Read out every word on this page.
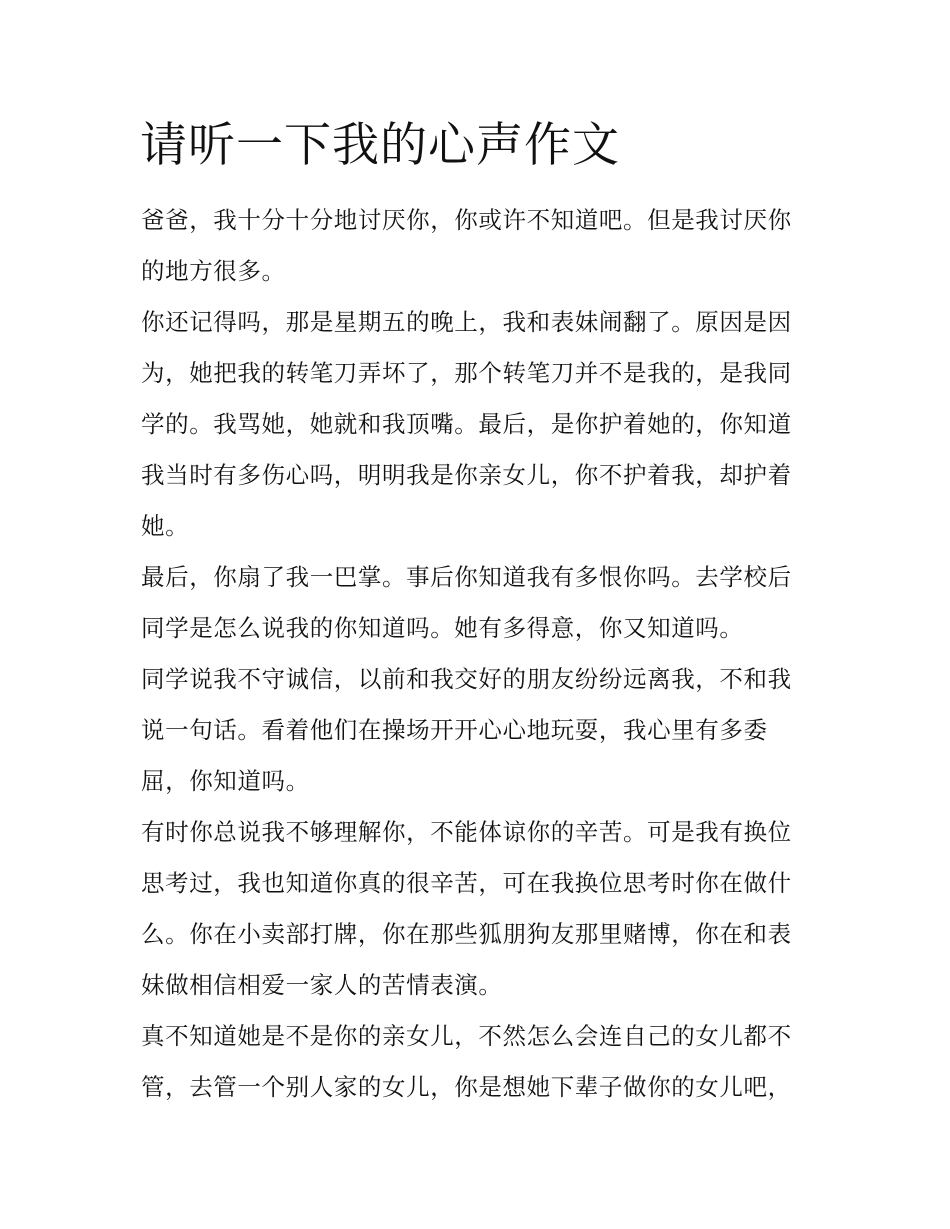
请听一下我的心声作文

爸爸，我十分十分地讨厌你，你或许不知道吧。但是我讨厌你

的地方很多。

你还记得吗，那是星期五的晚上，我和表妹闹翻了。原因是因

为，她把我的转笔刀弄坏了，那个转笔刀并不是我的，是我同

学的。我骂她，她就和我顶嘴。最后，是你护着她的，你知道

我当时有多伤心吗，明明我是你亲女儿，你不护着我，却护着

她。

最后，你扇了我一巴掌。事后你知道我有多恨你吗。去学校后

同学是怎么说我的你知道吗。她有多得意，你又知道吗。

同学说我不守诚信，以前和我交好的朋友纷纷远离我，不和我

说一句话。看着他们在操场开开心心地玩耍，我心里有多委

屈，你知道吗。

有时你总说我不够理解你，不能体谅你的辛苦。可是我有换位

思考过，我也知道你真的很辛苦，可在我换位思考时你在做什

么。你在小卖部打牌，你在那些狐朋狗友那里赌博，你在和表

妹做相信相爱一家人的苦情表演。

真不知道她是不是你的亲女儿，不然怎么会连自己的女儿都不

管，去管一个别人家的女儿，你是想她下辈子做你的女儿吧，
